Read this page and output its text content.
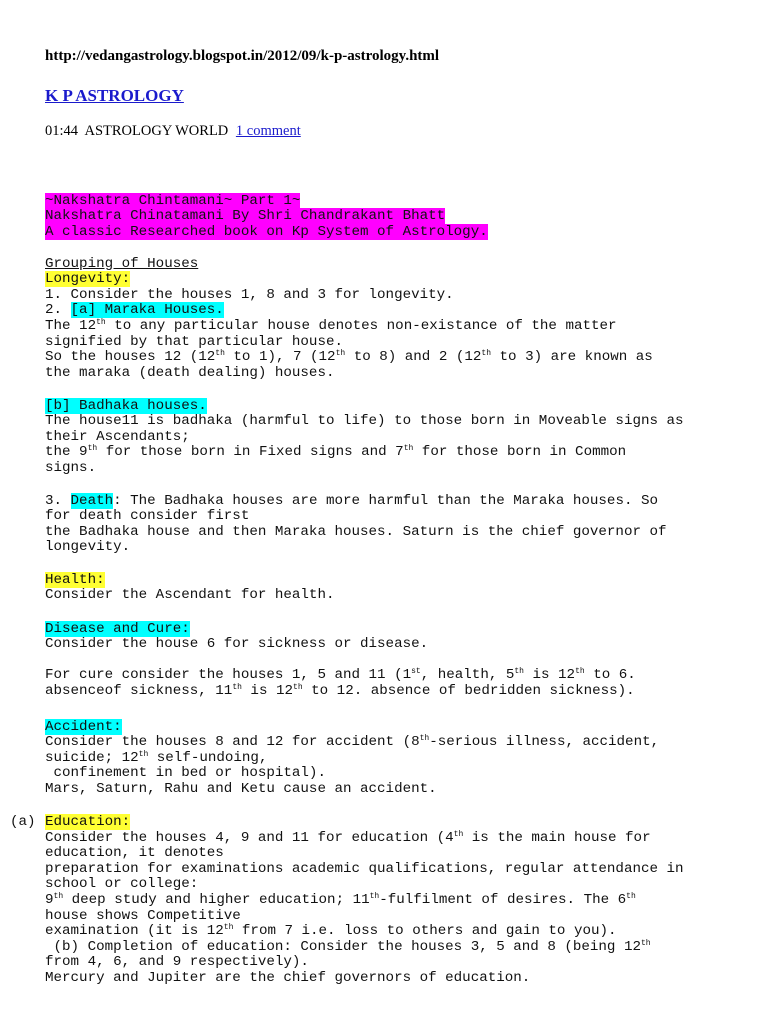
http://vedangastrology.blogspot.in/2012/09/k-p-astrology.html
K P ASTROLOGY
01:44 ASTROLOGY WORLD 1 comment

~Nakshatra Chintamani~ Part 1~
Nakshatra Chinatamani By Shri Chandrakant Bhatt
A classic Researched book on Kp System of Astrology.

Grouping of Houses
Longevity:
1. Consider the houses 1, 8 and 3 for longevity.
2. [a] Maraka Houses.
The 12th to any particular house denotes non-existance of the matter
signified by that particular house.
So the houses 12 (12th to 1), 7 (12th to 8) and 2 (12th to 3) are known as
the maraka (death dealing) houses.

[b] Badhaka houses.
The house11 is badhaka (harmful to life) to those born in Moveable signs as
their Ascendants;
the 9th for those born in Fixed signs and 7th for those born in Common
signs.

3. Death: The Badhaka houses are more harmful than the Maraka houses. So
for death consider first
the Badhaka house and then Maraka houses. Saturn is the chief governor of
longevity.

Health:
Consider the Ascendant for health.

Disease and Cure:
Consider the house 6 for sickness or disease.
For cure consider the houses 1, 5 and 11 (1st, health, 5th is 12th to 6.
absenceof sickness, 11th is 12th to 12. absence of bedridden sickness).

Accident:
Consider the houses 8 and 12 for accident (8th-serious illness, accident,
suicide; 12th self-undoing,
confinement in bed or hospital).
Mars, Saturn, Rahu and Ketu cause an accident.

Education:
(a)

Consider the houses 4, 9 and 11 for education (4th is the main house for
education, it denotes
preparation for examinations academic qualifications, regular attendance in
school or college:
9th deep study and higher education; 11th-fulfilment of desires. The 6th
house shows Competitive
examination (it is 12th from 7 i.e. loss to others and gain to you).
(b) Completion of education: Consider the houses 3, 5 and 8 (being 12th
from 4, 6, and 9 respectively).
Mercury and Jupiter are the chief governors of education.
